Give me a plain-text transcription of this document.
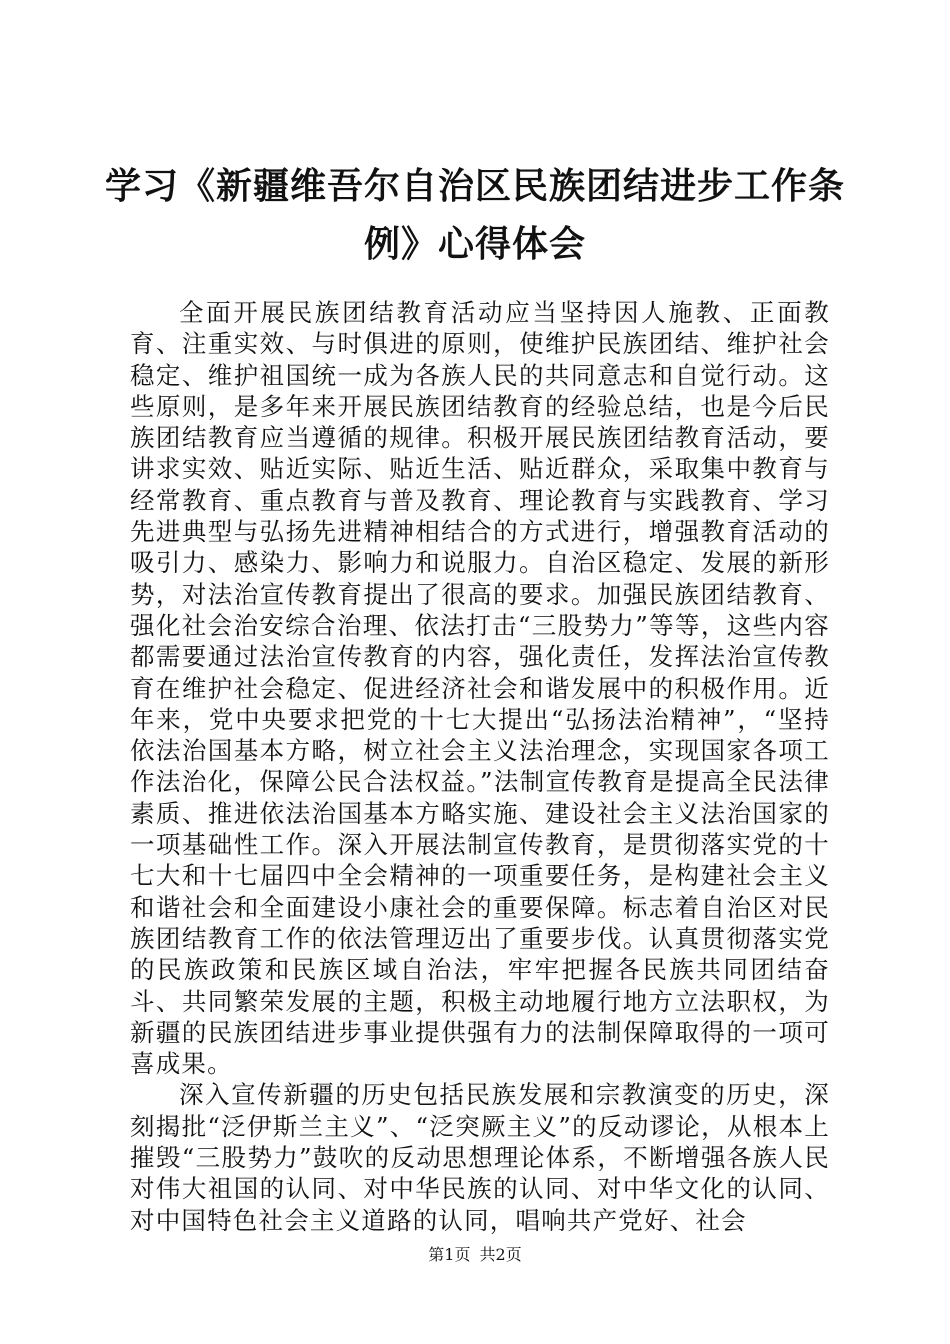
学习《新疆维吾尔自治区民族团结进步工作条例》心得体会

全面开展民族团结教育活动应当坚持因人施教、正面教育、注重实效、与时俱进的原则，使维护民族团结、维护社会稳定、维护祖国统一成为各族人民的共同意志和自觉行动。这些原则，是多年来开展民族团结教育的经验总结，也是今后民族团结教育应当遵循的规律。积极开展民族团结教育活动，要讲求实效、贴近实际、贴近生活、贴近群众，采取集中教育与经常教育、重点教育与普及教育、理论教育与实践教育、学习先进典型与弘扬先进精神相结合的方式进行，增强教育活动的吸引力、感染力、影响力和说服力。自治区稳定、发展的新形势，对法治宣传教育提出了很高的要求。加强民族团结教育、强化社会治安综合治理、依法打击“三股势力”等等，这些内容都需要通过法治宣传教育的内容，强化责任，发挥法治宣传教育在维护社会稳定、促进经济社会和谐发展中的积极作用。近年来，党中央要求把党的十七大提出“弘扬法治精神”，“坚持依法治国基本方略，树立社会主义法治理念，实现国家各项工作法治化，保障公民合法权益。”法制宣传教育是提高全民法律素质、推进依法治国基本方略实施、建设社会主义法治国家的一项基础性工作。深入开展法制宣传教育，是贯彻落实党的十七大和十七届四中全会精神的一项重要任务，是构建社会主义和谐社会和全面建设小康社会的重要保障。标志着自治区对民族团结教育工作的依法管理迈出了重要步伐。认真贯彻落实党的民族政策和民族区域自治法，牢牢把握各民族共同团结奋斗、共同繁荣发展的主题，积极主动地履行地方立法职权，为新疆的民族团结进步事业提供强有力的法制保障取得的一项可喜成果。

深入宣传新疆的历史包括民族发展和宗教演变的历史，深刻揭批“泛伊斯兰主义”、“泛突厥主义”的反动谬论，从根本上摧毁“三股势力”鼓吹的反动思想理论体系，不断增强各族人民对伟大祖国的认同、对中华民族的认同、对中华文化的认同、对中国特色社会主义道路的认同，唱响共产党好、社会

第1页 共2页
